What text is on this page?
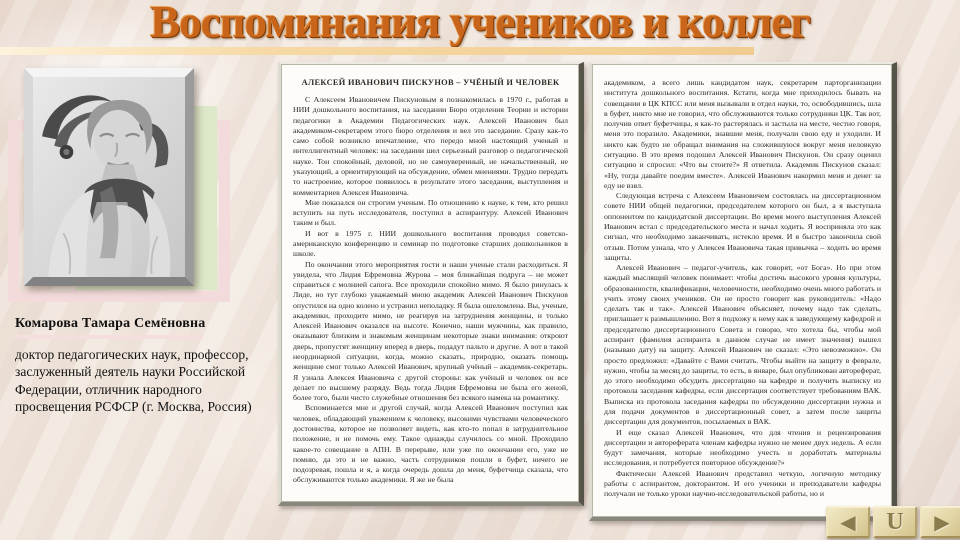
Воспоминания учеников и коллег
Комарова Тамара Семёновна
доктор педагогических наук, профессор, заслуженный деятель науки Российской Федерации, отличник народного просвещения РСФСР (г. Москва, Россия)
АЛЕКСЕЙ ИВАНОВИЧ ПИСКУНОВ – УЧЁНЫЙ И ЧЕЛОВЕК

С Алексеем Ивановичем Пискуновым я познакомилась в 1970 г., работая в НИИ дошкольного воспитания, на заседании Бюро отделения Теории и истории педагогики в Академии Педагогических наук. Алексей Иванович был академиком-секретарем этого бюро отделения и вел это заседание. Сразу как-то само собой возникло впечатление, что передо мной настоящий ученый и интеллигентный человек: на заседании шел серьезный разговор о педагогической науке. Тон спокойный, деловой, но не самоуверенный, не начальственный, не указующий, а ориентирующий на обсуждение, обмен мнениями. Трудно передать то настроение, которое появилось в результате этого заседания, выступления и комментариев Алексея Ивановича.

Мне показался он строгим ученым. По отношению к науке, к тем, кто решил вступить на путь исследователя, поступил в аспирантуру. Алексей Иванович таким и был.

И вот в 1975 г. НИИ дошкольного воспитания проводил советско-американскую конференцию и семинар по подготовке старших дошкольников в школе.

По окончании этого мероприятия гости и наши ученые стали расходиться. Я увидела, что Лидия Ефремовна Журова – моя ближайшая подруга – не может справиться с молнией сапога. Все проходили спокойно мимо. Я было ринулась к Лиде, но тут глубоко уважаемый мною академик Алексей Иванович Пискунов опустился на одно колено и устранил неполадку. Я была ошеломлена. Вы, ученые, академики, проходите мимо, не реагируя на затруднения женщины, и только Алексей Иванович оказался на высоте. Конечно, наши мужчины, как правило, оказывают близким и знакомым женщинам некоторые знаки внимания: откроют дверь, пропустят женщину вперед в дверь, подадут пальто и другие. А вот в такой неординарной ситуации, когда, можно сказать, природно, оказать помощь женщине смог только Алексей Иванович, крупный учёный – академик-секретарь. Я узнала Алексея Ивановича с другой стороны: как учёный и человек он все делает по высшему разряду. Ведь тогда Лидия Ефремовна не была его женой, более того, были чисто служебные отношения без всякого намека на романтику.

Вспоминается мне и другой случай, когда Алексей Иванович поступил как человек, обладающий уважением к человеку, высокими чувствами человеческого достоинства, которое не позволяет видеть, как кто-то попал в затруднительное положение, и не помочь ему. Такое однажды случилось со мной. Проходило какое-то совещание в АПН. В перерыве, или уже по окончании его, уже не помню, да это и не важно, часть сотрудников пошли в буфет, ничего не подозревая, пошла и я, а когда очередь дошла до меня, буфетчица сказала, что обслуживаются только академики. Я же не была

академиком, а всего лишь кандидатом наук, секретарем парторганизации института дошкольного воспитания. Кстати, когда мне приходилось бывать на совещании в ЦК КПСС или меня вызывали в отдел науки, то, освободившись, шла в буфет, никто мне не говорил, что обслуживаются только сотрудники ЦК. Так вот, получив ответ буфетчицы, я как-то растерялась и застыла на месте, честно говоря, меня это поразило. Академики, знавшие меня, получали свою еду и уходили. И никто как будто не обращал внимания на сложившуюся вокруг меня неловкую ситуацию. В это время подошел Алексей Иванович Пискунов. Он сразу оценил ситуацию и спросил: «Что вы стоите?» Я ответила. Академик Пискунов сказал: «Ну, тогда давайте поедим вместе». Алексей Иванович накормил меня и денег за еду не взял.

Следующая встреча с Алексеем Ивановичем состоялась на диссертационном совете НИИ общей педагогики, председателем которого он был, а я выступала оппонентом по кандидатской диссертации. Во время моего выступления Алексей Иванович встал с председательского места и начал ходить. Я восприняла это как сигнал, что необходимо заканчивать, истекло время. И я быстро закончила свой отзыв. Потом узнала, что у Алексея Ивановича такая привычка – ходить во время защиты.

Алексей Иванович – педагог-учитель, как говорят, «от Бога». Но при этом каждый мыслящий человек понимает: чтобы достичь высокого уровня культуры, образованности, квалификации, человечности, необходимо очень много работать и учить этому своих учеников. Он не просто говорит как руководитель: «Надо сделать так и так». Алексей Иванович объясняет, почему надо так сделать, приглашает к размышлению. Вот я подхожу к нему как к заведующему кафедрой и председателю диссертационного Совета и говорю, что хотела бы, чтобы мой аспирант (фамилия аспиранта в данном случае не имеет значения) вышел (называю дату) на защиту. Алексей Иванович не сказал: «Это невозможно». Он просто предложил: «Давайте с Вами считать. Чтобы выйти на защиту в феврале, нужно, чтобы за месяц до защиты, то есть, в январе, был опубликован автореферат, до этого необходимо обсудить диссертацию на кафедре и получить выписку из протокола заседания кафедры, если диссертация соответствует требованиям ВАК. Выписка из протокола заседания кафедры по обсуждению диссертации нужна и для подачи документов в диссертационный совет, а затем после защиты диссертации для документов, посылаемых в ВАК.

И еще сказал Алексей Иванович, что для чтения и рецензирования диссертации и автореферата членам кафедры нужно не менее двух недель. А если будут замечания, которые необходимо учесть и доработать материалы исследования, и потребуется повторное обсуждение?»

Фактически Алексей Иванович представил четкую, логичную методику работы с аспирантом, докторантом. И его ученики и преподаватели кафедры получали не только уроки научно-исследовательской работы, но и

◀ U ▶
